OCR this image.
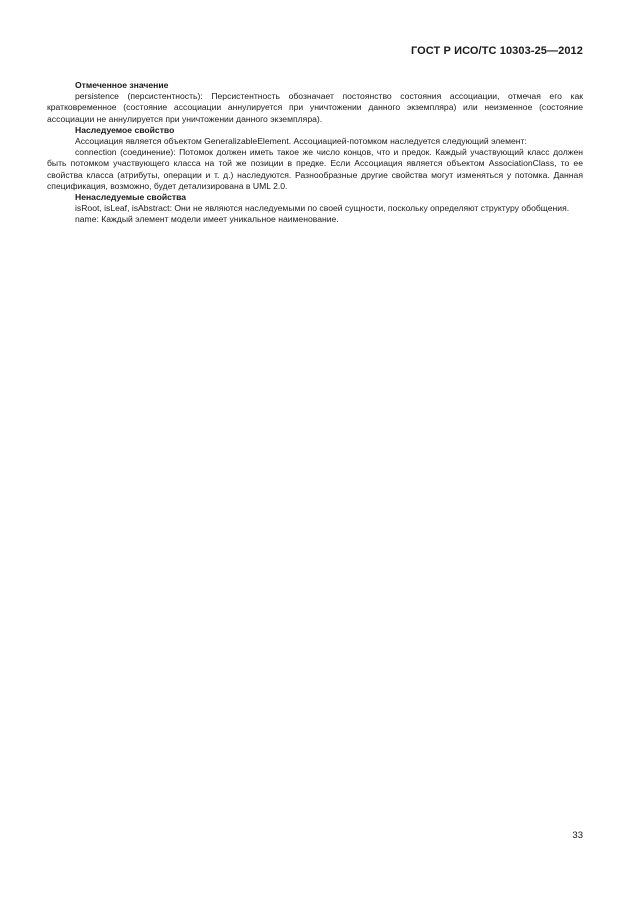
ГОСТ Р ИСО/ТС 10303-25—2012

Отмеченное значение

persistence (персистентность): Персистентность обозначает постоянство состояния ассоциации, отмечая его как кратковременное (состояние ассоциации аннулируется при уничтожении данного экземпляра) или неизменное (состояние ассоциации не аннулируется при уничтожении данного экземпляра).

Наследуемое свойство

Ассоциация является объектом GeneralizableElement. Ассоциацией-потомком наследуется следующий элемент:

connection (соединение): Потомок должен иметь такое же число концов, что и предок. Каждый участвующий класс должен быть потомком участвующего класса на той же позиции в предке. Если Ассоциация является объектом AssociationClass, то ее свойства класса (атрибуты, операции и т. д.) наследуются. Разнообразные другие свойства могут изменяться у потомка. Данная спецификация, возможно, будет детализирована в UML 2.0.

Ненаследуемые свойства

isRoot, isLeaf, isAbstract: Они не являются наследуемыми по своей сущности, поскольку определяют структуру обобщения.

name: Каждый элемент модели имеет уникальное наименование.

33
